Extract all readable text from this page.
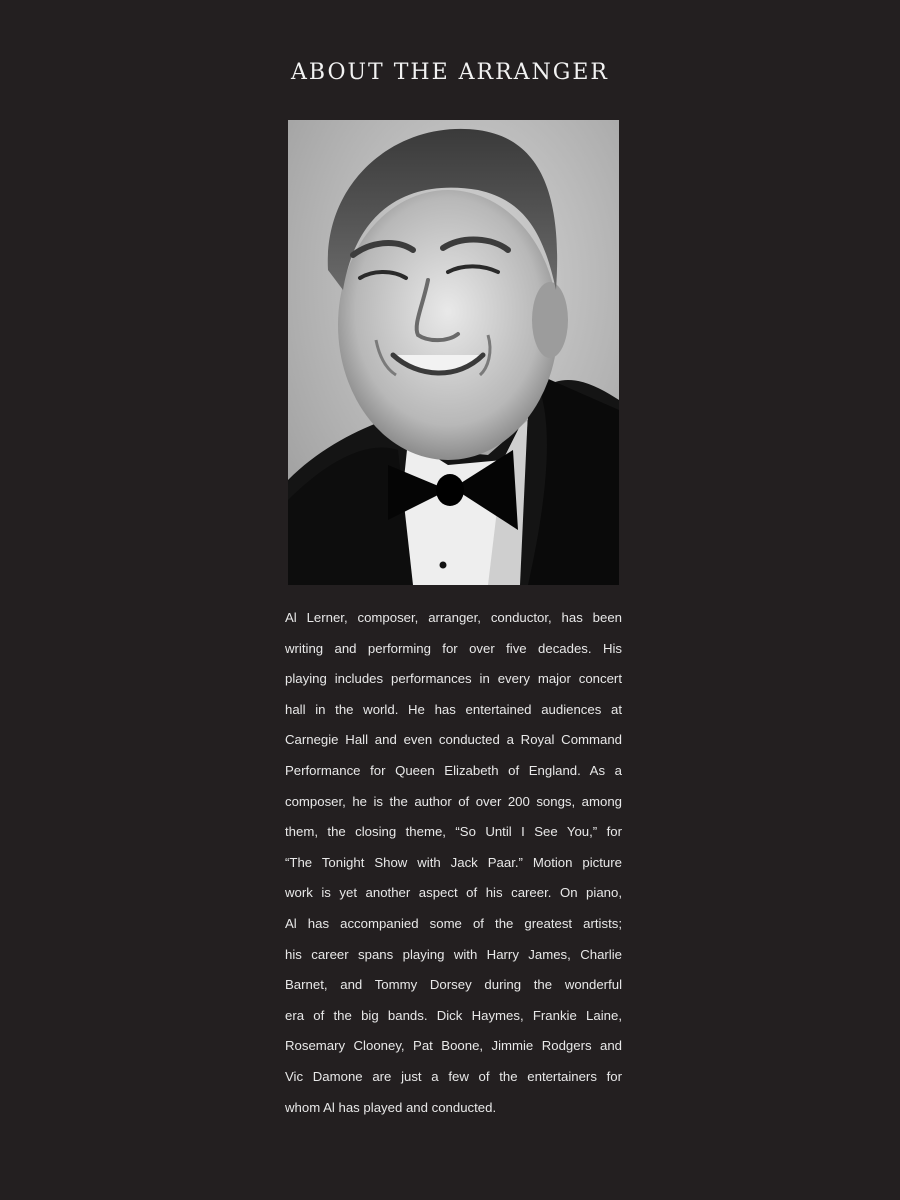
ABOUT THE ARRANGER
Al Lerner, composer, arranger, conductor, has been
writing and performing for over five decades. His
playing includes performances in every major concert
hall in the world. He has entertained audiences at
Carnegie Hall and even conducted a Royal Command
Performance for Queen Elizabeth of England. As a
composer, he is the author of over 200 songs, among
them, the closing theme, “So Until I See You,” for
“The Tonight Show with Jack Paar.” Motion picture
work is yet another aspect of his career. On piano,
Al has accompanied some of the greatest artists;
his career spans playing with Harry James, Charlie
Barnet, and Tommy Dorsey during the wonderful
era of the big bands. Dick Haymes, Frankie Laine,
Rosemary Clooney, Pat Boone, Jimmie Rodgers and
Vic Damone are just a few of the entertainers for
whom Al has played and conducted.
